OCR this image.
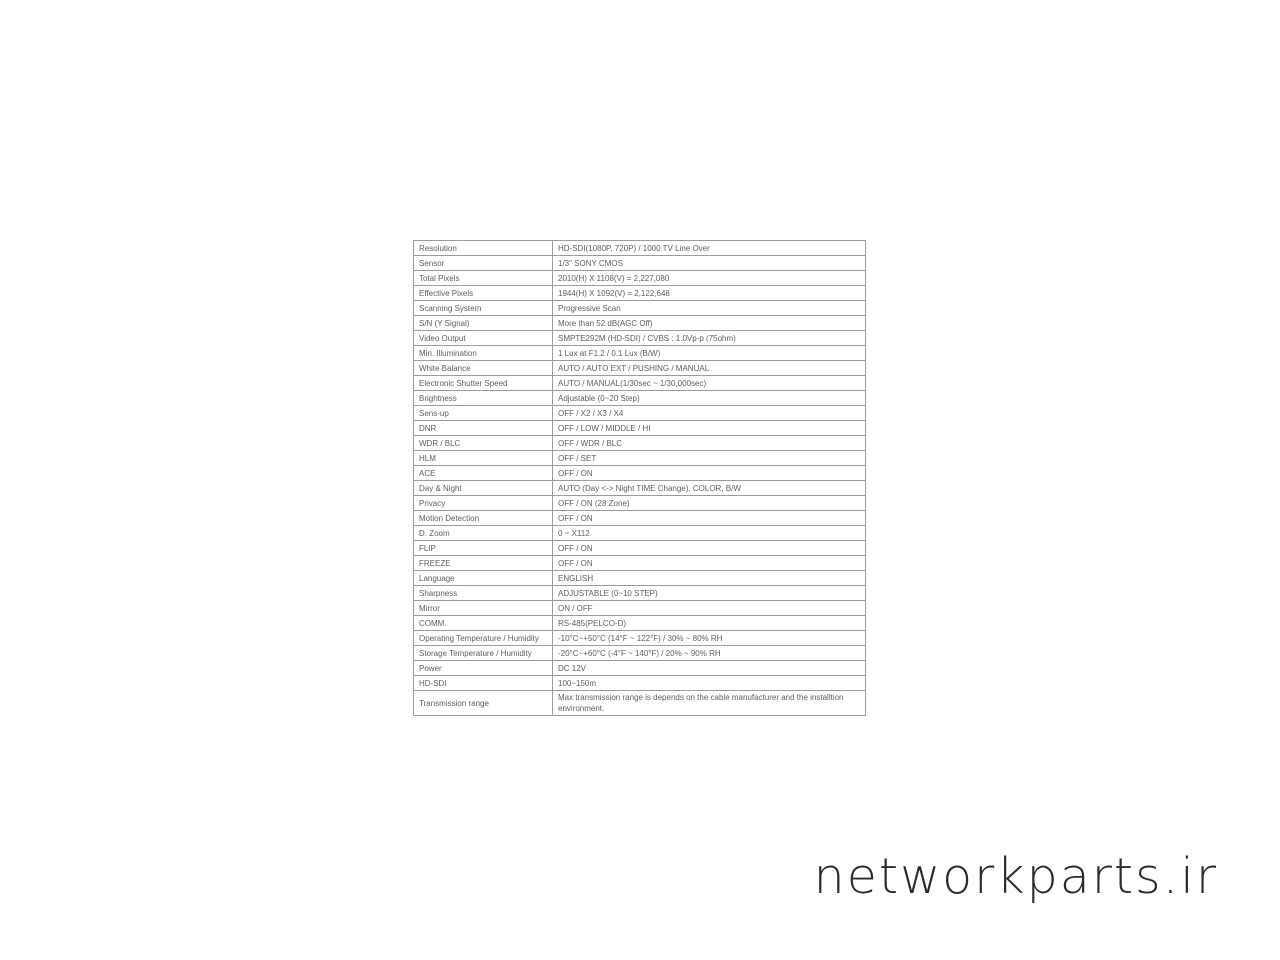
Resolution	HD-SDI(1080P, 720P) / 1000 TV Line Over
Sensor	1/3" SONY CMOS
Total Pixels	2010(H) X 1108(V) = 2,227,080
Effective Pixels	1944(H) X 1092(V) = 2,122,648
Scanning System	Progressive Scan
S/N (Y Signal)	More than 52 dB(AGC Off)
Video Output	SMPTE292M (HD-SDI) / CVBS : 1.0Vp-p (75ohm)
Min. Illumination	1 Lux at F1.2 / 0.1 Lux (B/W)
White Balance	AUTO / AUTO EXT / PUSHING / MANUAL
Electronic Shutter Speed	AUTO / MANUAL(1/30sec ~ 1/30,000sec)
Brightness	Adjustable (0~20 Step)
Sens-up	OFF / X2 / X3 / X4
DNR	OFF / LOW / MIDDLE / HI
WDR / BLC	OFF / WDR / BLC
HLM	OFF / SET
ACE	OFF / ON
Day & Night	AUTO (Day <-> Night TIME Change), COLOR, B/W
Privacy	OFF / ON (28 Zone)
Motion Detection	OFF / ON
D. Zoom	0 ~ X112
FLIP	OFF / ON
FREEZE	OFF / ON
Language	ENGLISH
Sharpness	ADJUSTABLE (0~10 STEP)
Mirror	ON / OFF
COMM.	RS-485(PELCO-D)
Operating Temperature / Humidity	-10°C~+50°C (14°F ~ 122°F) / 30% ~ 80% RH
Storage Temperature / Humidity	-20°C~+60°C (-4°F ~ 140°F) / 20% ~ 90% RH
Power	DC 12V
HD-SDI	100~150m
Transmission range	Max transmission range is depends on the cable manufacturer and the installtion environment.
networkparts.ir
